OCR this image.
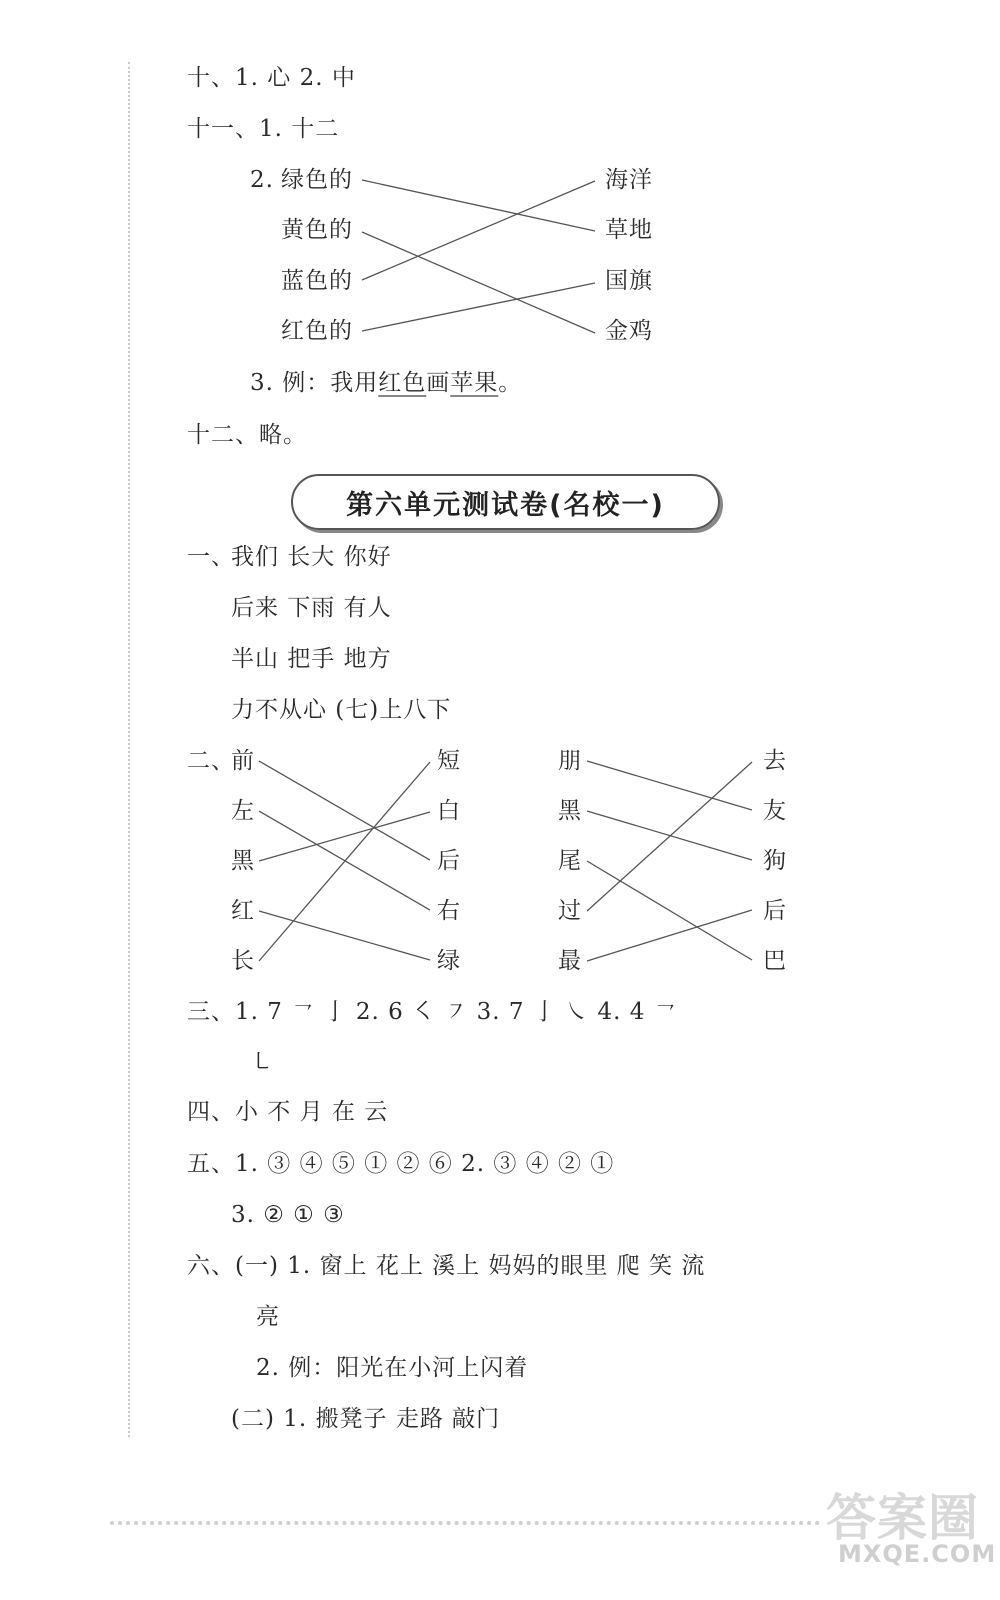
十、1. 心 2. 中
十一、1. 十二
2. 绿色的
黄色的
蓝色的
红色的
海洋
草地
国旗
金鸡
3. 例：我用红色画苹果。
十二、略。
第六单元测试卷(名校一)
一、
我们 长大 你好
后来 下雨 有人
半山 把手 地方
力不从心 (七)上八下
二、
前
左
黑
红
长
短
白
后
右
绿
朋
黑
尾
过
最
去
友
狗
后
巴
三、1. 7 ㇖ 亅 2. 6 ㇛ ㇇ 3. 7 亅 ㇏ 4. 4 ㇖
㇄
四、小 不 月 在 云
五、1. ③ ④ ⑤ ① ② ⑥ 2. ③ ④ ② ①
3. ② ① ③
六、(一) 1. 窗上 花上 溪上 妈妈的眼里 爬 笑 流
亮
2. 例：阳光在小河上闪着
(二) 1. 搬凳子 走路 敲门
答案圈
MXQE.COM
